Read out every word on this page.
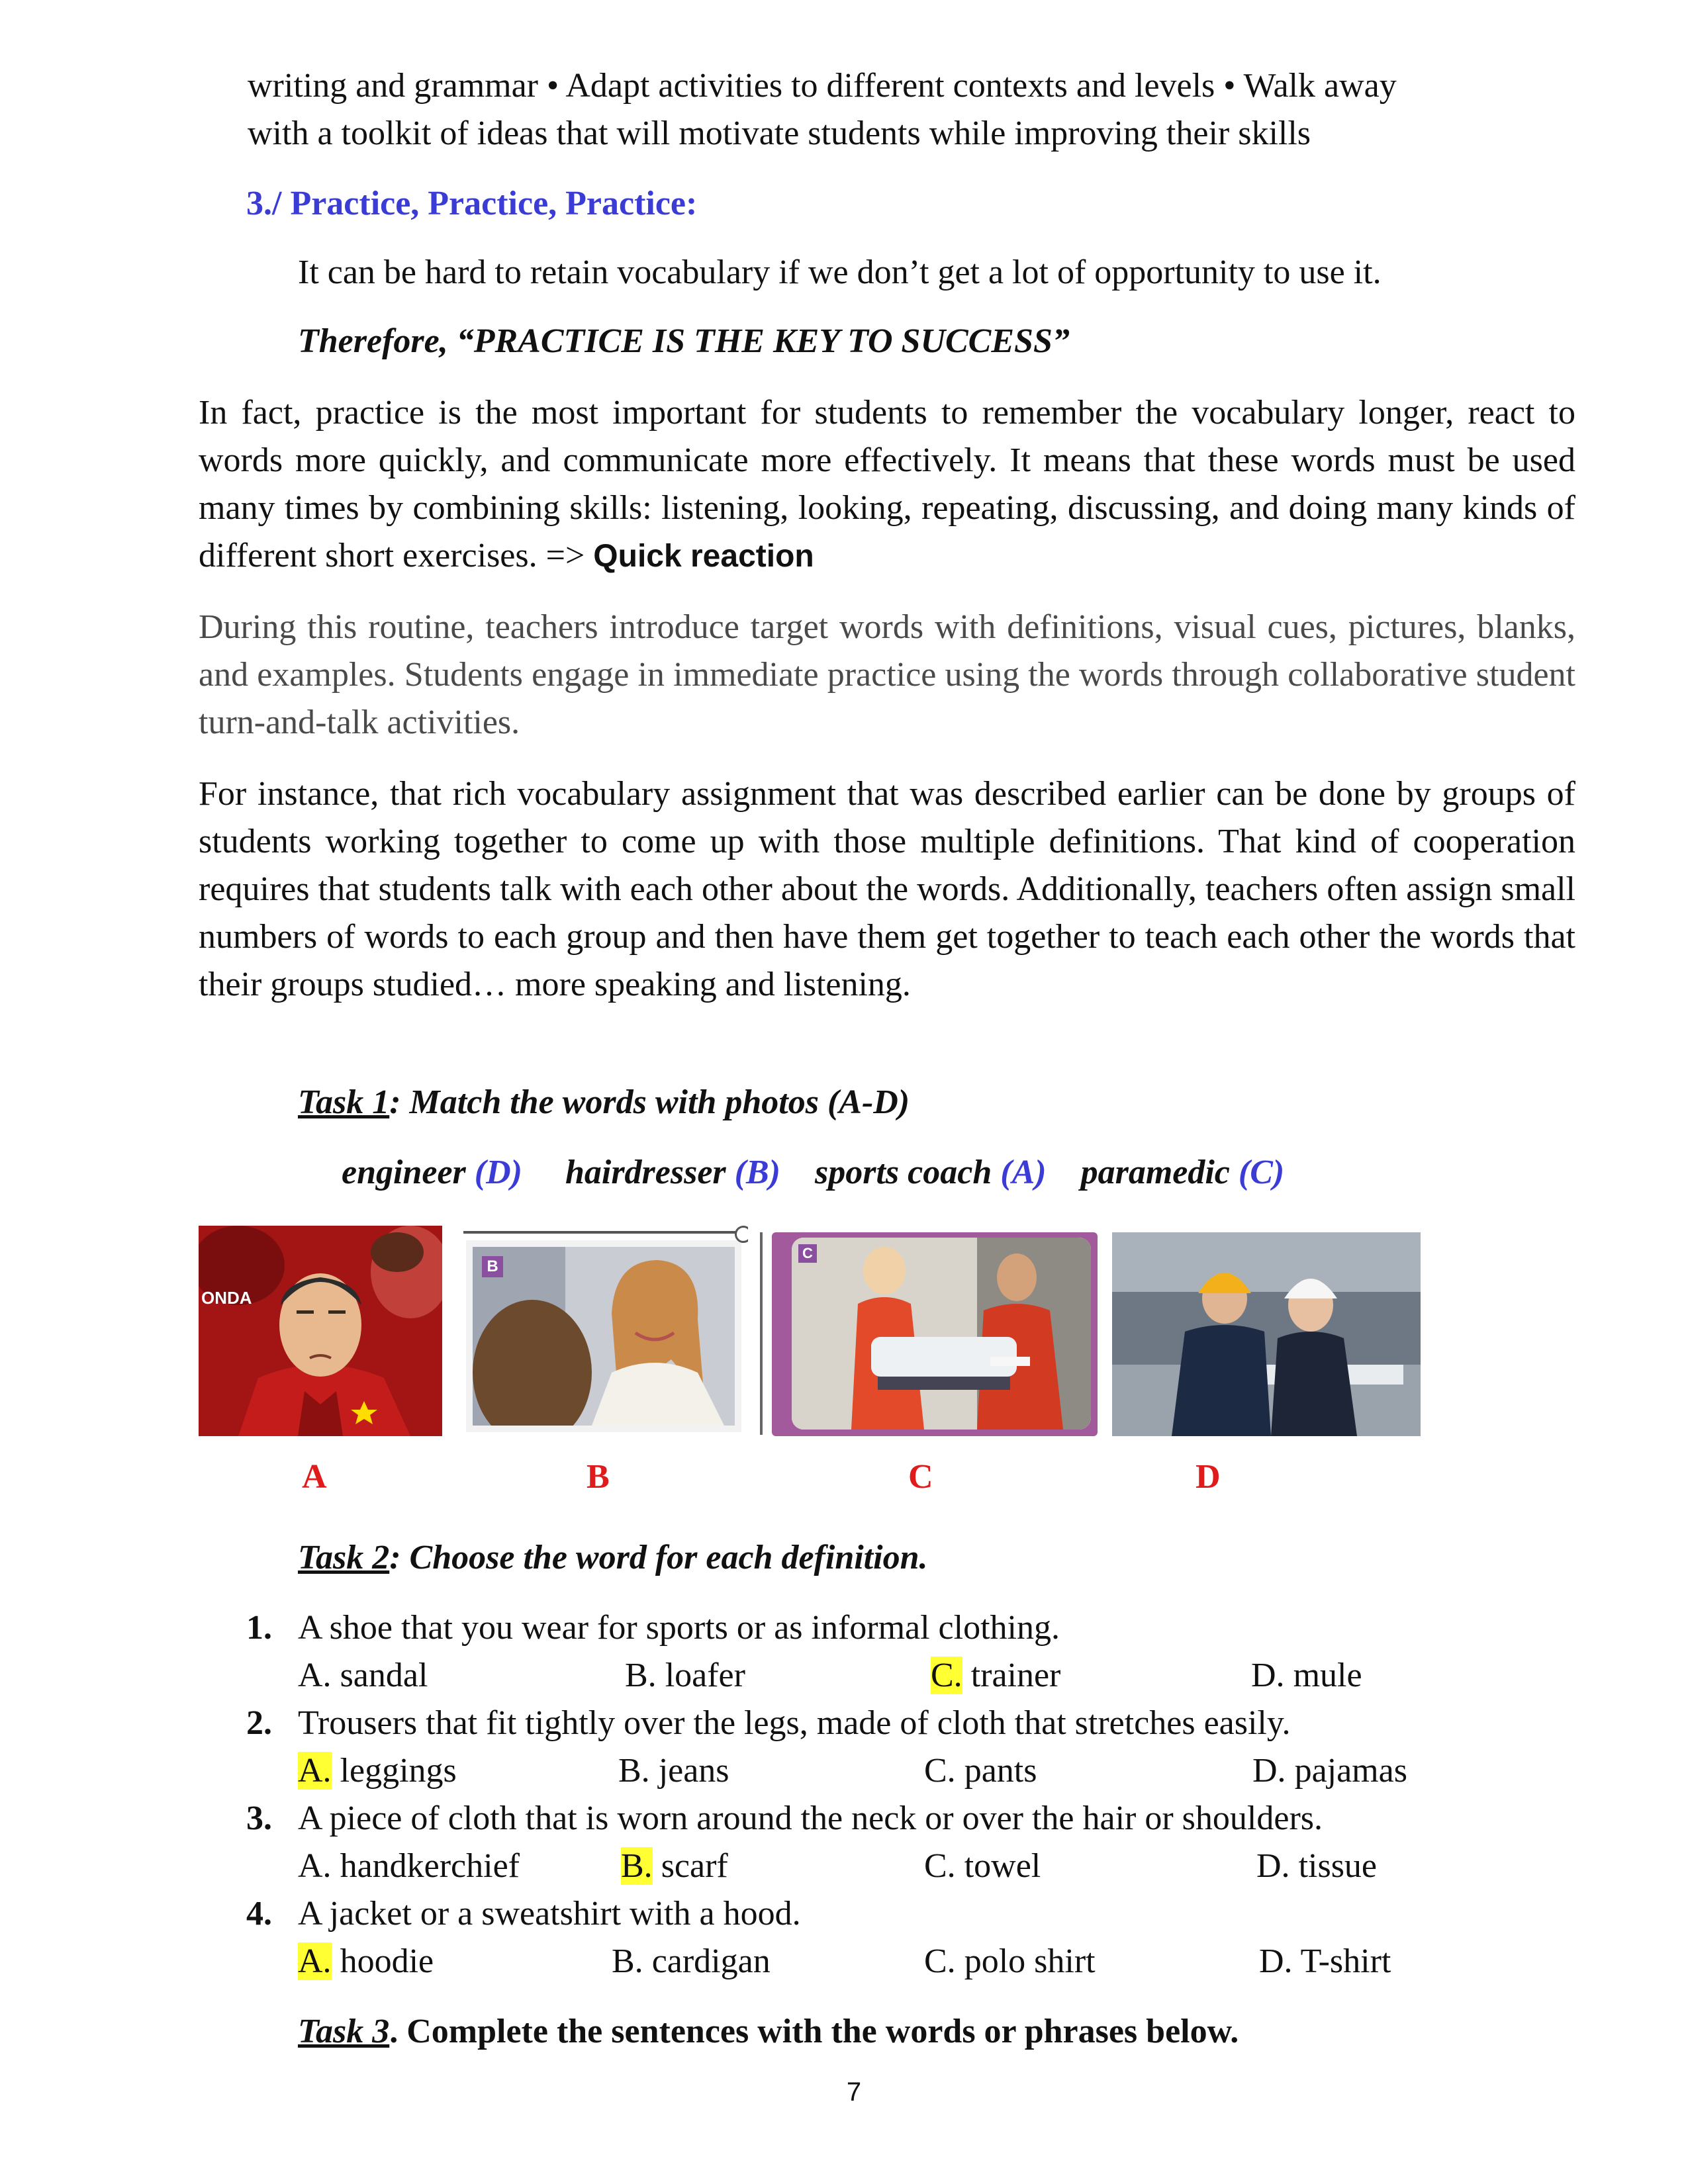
writing and grammar • Adapt activities to different contexts and levels • Walk away
with a toolkit of ideas that will motivate students while improving their skills
3./ Practice, Practice, Practice:
It can be hard to retain vocabulary if we don’t get a lot of opportunity to use it.
Therefore, “PRACTICE IS THE KEY TO SUCCESS”
In fact, practice is the most important for students to remember the vocabulary longer, react to words more quickly, and communicate more effectively. It means that these words must be used many times by combining skills: listening, looking, repeating, discussing, and doing many kinds of different short exercises. => Quick reaction
During this routine, teachers introduce target words with definitions, visual cues, pictures, blanks, and examples. Students engage in immediate practice using the words through collaborative student turn-and-talk activities.
For instance, that rich vocabulary assignment that was described earlier can be done by groups of students working together to come up with those multiple definitions. That kind of cooperation requires that students talk with each other about the words. Additionally, teachers often assign small numbers of words to each group and then have them get together to teach each other the words that their groups studied… more speaking and listening.
Task 1: Match the words with photos (A-D)
engineer (D) hairdresser (B) sports coach (A) paramedic (C)
ONDA
B
C
A	B	C	D
Task 2: Choose the word for each definition.
1. A shoe that you wear for sports or as informal clothing.
A. sandal	B. loafer	C. trainer	D. mule
2. Trousers that fit tightly over the legs, made of cloth that stretches easily.
A. leggings	B. jeans	C. pants	D. pajamas
3. A piece of cloth that is worn around the neck or over the hair or shoulders.
A. handkerchief	B. scarf	C. towel	D. tissue
4. A jacket or a sweatshirt with a hood.
A. hoodie	B. cardigan	C. polo shirt	D. T-shirt
Task 3. Complete the sentences with the words or phrases below.
7
